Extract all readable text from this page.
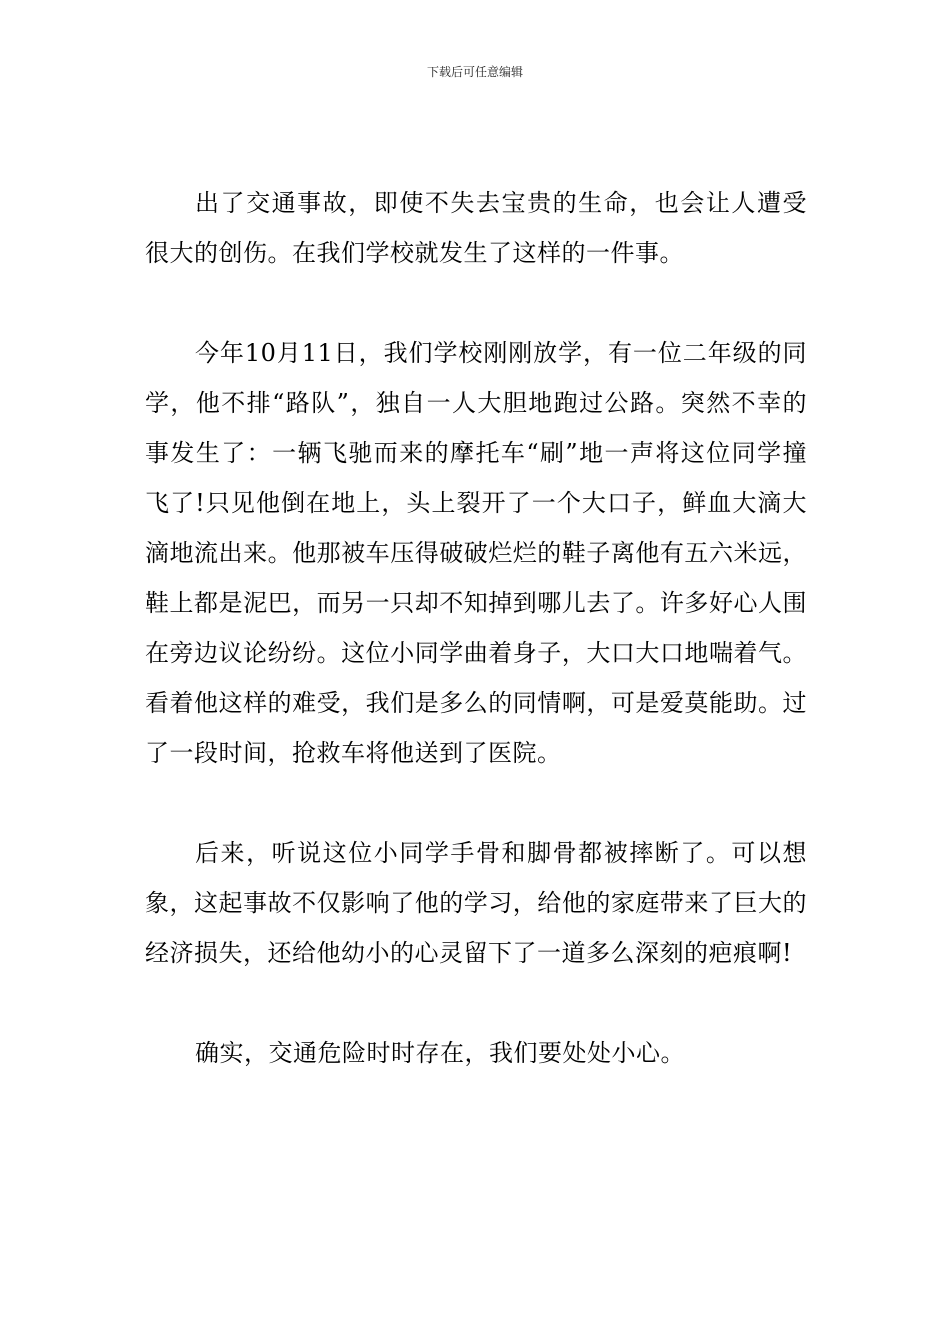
下载后可任意编辑

出了交通事故，即使不失去宝贵的生命，也会让人遭受很大的创伤。在我们学校就发生了这样的一件事。

今年10月11日，我们学校刚刚放学，有一位二年级的同学，他不排“路队”，独自一人大胆地跑过公路。突然不幸的事发生了：一辆飞驰而来的摩托车“刷”地一声将这位同学撞飞了!只见他倒在地上，头上裂开了一个大口子，鲜血大滴大滴地流出来。他那被车压得破破烂烂的鞋子离他有五六米远，鞋上都是泥巴，而另一只却不知掉到哪儿去了。许多好心人围在旁边议论纷纷。这位小同学曲着身子，大口大口地喘着气。看着他这样的难受，我们是多么的同情啊，可是爱莫能助。过了一段时间，抢救车将他送到了医院。

后来，听说这位小同学手骨和脚骨都被摔断了。可以想象，这起事故不仅影响了他的学习，给他的家庭带来了巨大的经济损失，还给他幼小的心灵留下了一道多么深刻的疤痕啊!

确实，交通危险时时存在，我们要处处小心。
